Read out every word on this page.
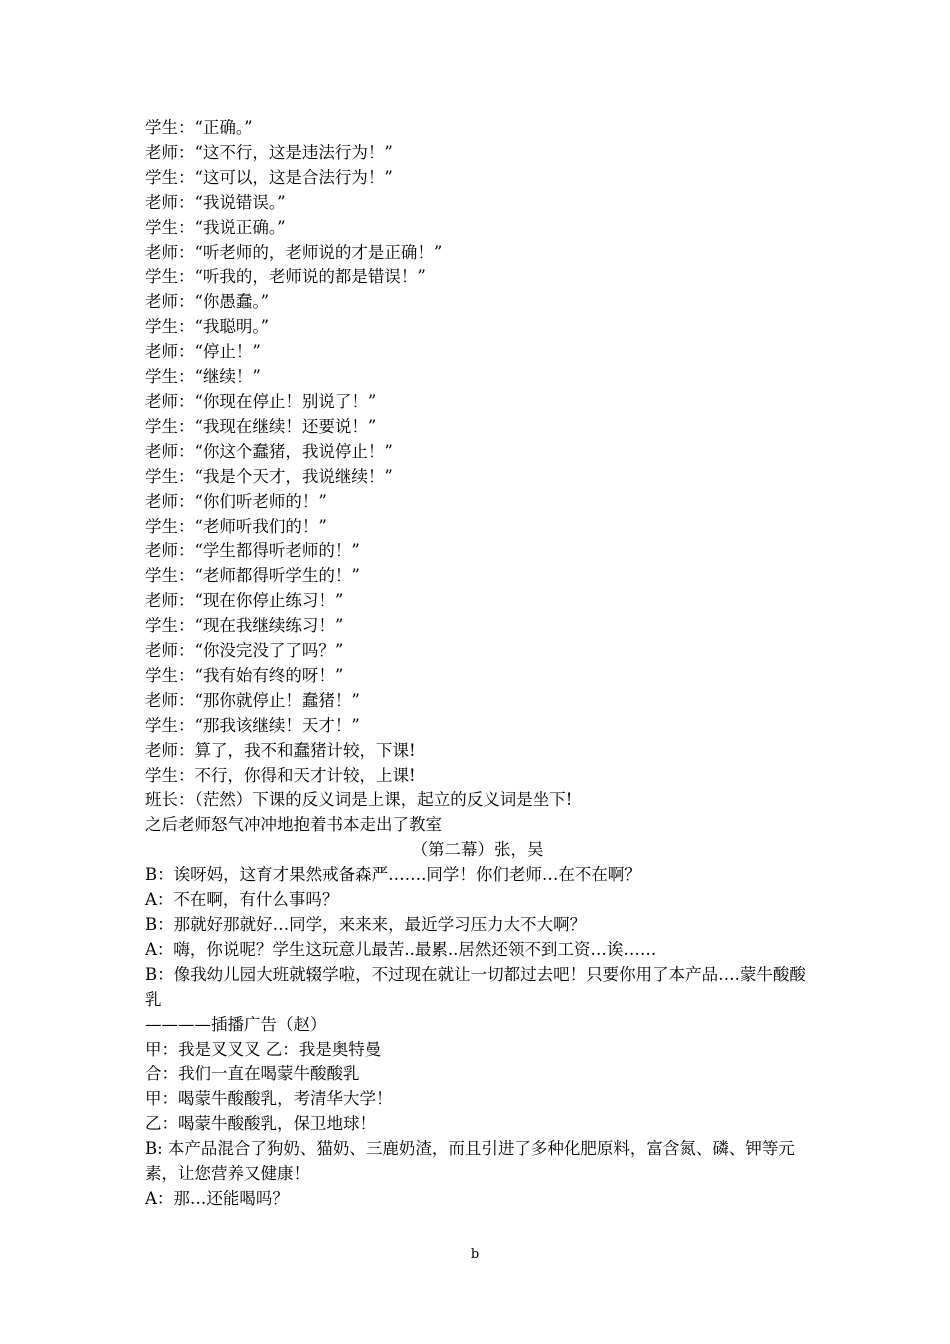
学生：“正确。”
老师：“这不行，这是违法行为！”
学生：“这可以，这是合法行为！”
老师：“我说错误。”
学生：“我说正确。”
老师：“听老师的，老师说的才是正确！”
学生：“听我的，老师说的都是错误！”
老师：“你愚蠢。”
学生：“我聪明。”
老师：“停止！”
学生：“继续！”
老师：“你现在停止！别说了！”
学生：“我现在继续！还要说！”
老师：“你这个蠢猪，我说停止！”
学生：“我是个天才，我说继续！”
老师：“你们听老师的！”
学生：“老师听我们的！”
老师：“学生都得听老师的！”
学生：“老师都得听学生的！”
老师：“现在你停止练习！”
学生：“现在我继续练习！”
老师：“你没完没了了吗？”
学生：“我有始有终的呀！”
老师：“那你就停止！蠢猪！”
学生：“那我该继续！天才！”
老师：算了，我不和蠢猪计较，下课!
学生：不行，你得和天才计较，上课!
班长：（茫然）下课的反义词是上课，起立的反义词是坐下!
之后老师怒气冲冲地抱着书本走出了教室
（第二幕）张，吴
B：诶呀妈，这育才果然戒备森严…….同学！你们老师…在不在啊？
A：不在啊，有什么事吗？
B：那就好那就好…同学，来来来，最近学习压力大不大啊？
A：嗨，你说呢？学生这玩意儿最苦..最累..居然还领不到工资…诶……
B：像我幼儿园大班就辍学啦，不过现在就让一切都过去吧！只要你用了本产品….蒙牛酸酸乳
————插播广告（赵）
甲：我是叉叉叉 乙：我是奥特曼
合：我们一直在喝蒙牛酸酸乳
甲：喝蒙牛酸酸乳，考清华大学！
乙：喝蒙牛酸酸乳，保卫地球！
B: 本产品混合了狗奶、猫奶、三鹿奶渣，而且引进了多种化肥原料，富含氮、磷、钾等元素，让您营养又健康！
A：那…还能喝吗？
b
